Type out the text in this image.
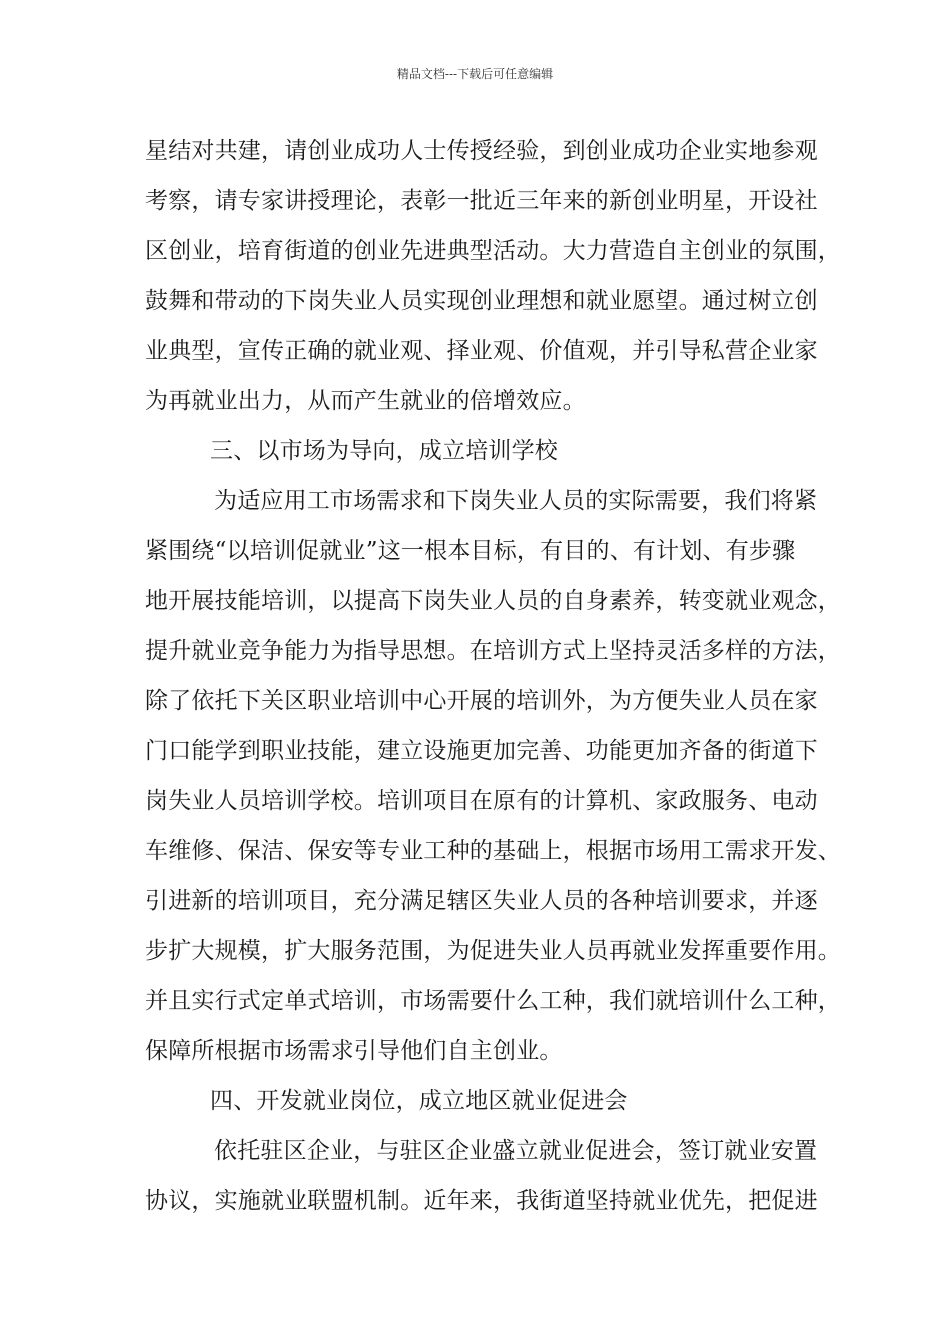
精品文档---下载后可任意编辑
星结对共建，请创业成功人士传授经验，到创业成功企业实地参观
考察，请专家讲授理论，表彰一批近三年来的新创业明星，开设社
区创业，培育街道的创业先进典型活动。大力营造自主创业的氛围，
鼓舞和带动的下岗失业人员实现创业理想和就业愿望。通过树立创
业典型，宣传正确的就业观、择业观、价值观，并引导私营企业家
为再就业出力，从而产生就业的倍增效应。
三、以市场为导向，成立培训学校
为适应用工市场需求和下岗失业人员的实际需要，我们将紧
紧围绕“以培训促就业”这一根本目标，有目的、有计划、有步骤
地开展技能培训，以提高下岗失业人员的自身素养，转变就业观念，
提升就业竞争能力为指导思想。在培训方式上坚持灵活多样的方法，
除了依托下关区职业培训中心开展的培训外，为方便失业人员在家
门口能学到职业技能，建立设施更加完善、功能更加齐备的街道下
岗失业人员培训学校。培训项目在原有的计算机、家政服务、电动
车维修、保洁、保安等专业工种的基础上，根据市场用工需求开发、
引进新的培训项目，充分满足辖区失业人员的各种培训要求，并逐
步扩大规模，扩大服务范围，为促进失业人员再就业发挥重要作用。
并且实行式定单式培训，市场需要什么工种，我们就培训什么工种，
保障所根据市场需求引导他们自主创业。
四、开发就业岗位，成立地区就业促进会
依托驻区企业，与驻区企业盛立就业促进会，签订就业安置
协议，实施就业联盟机制。近年来，我街道坚持就业优先，把促进
